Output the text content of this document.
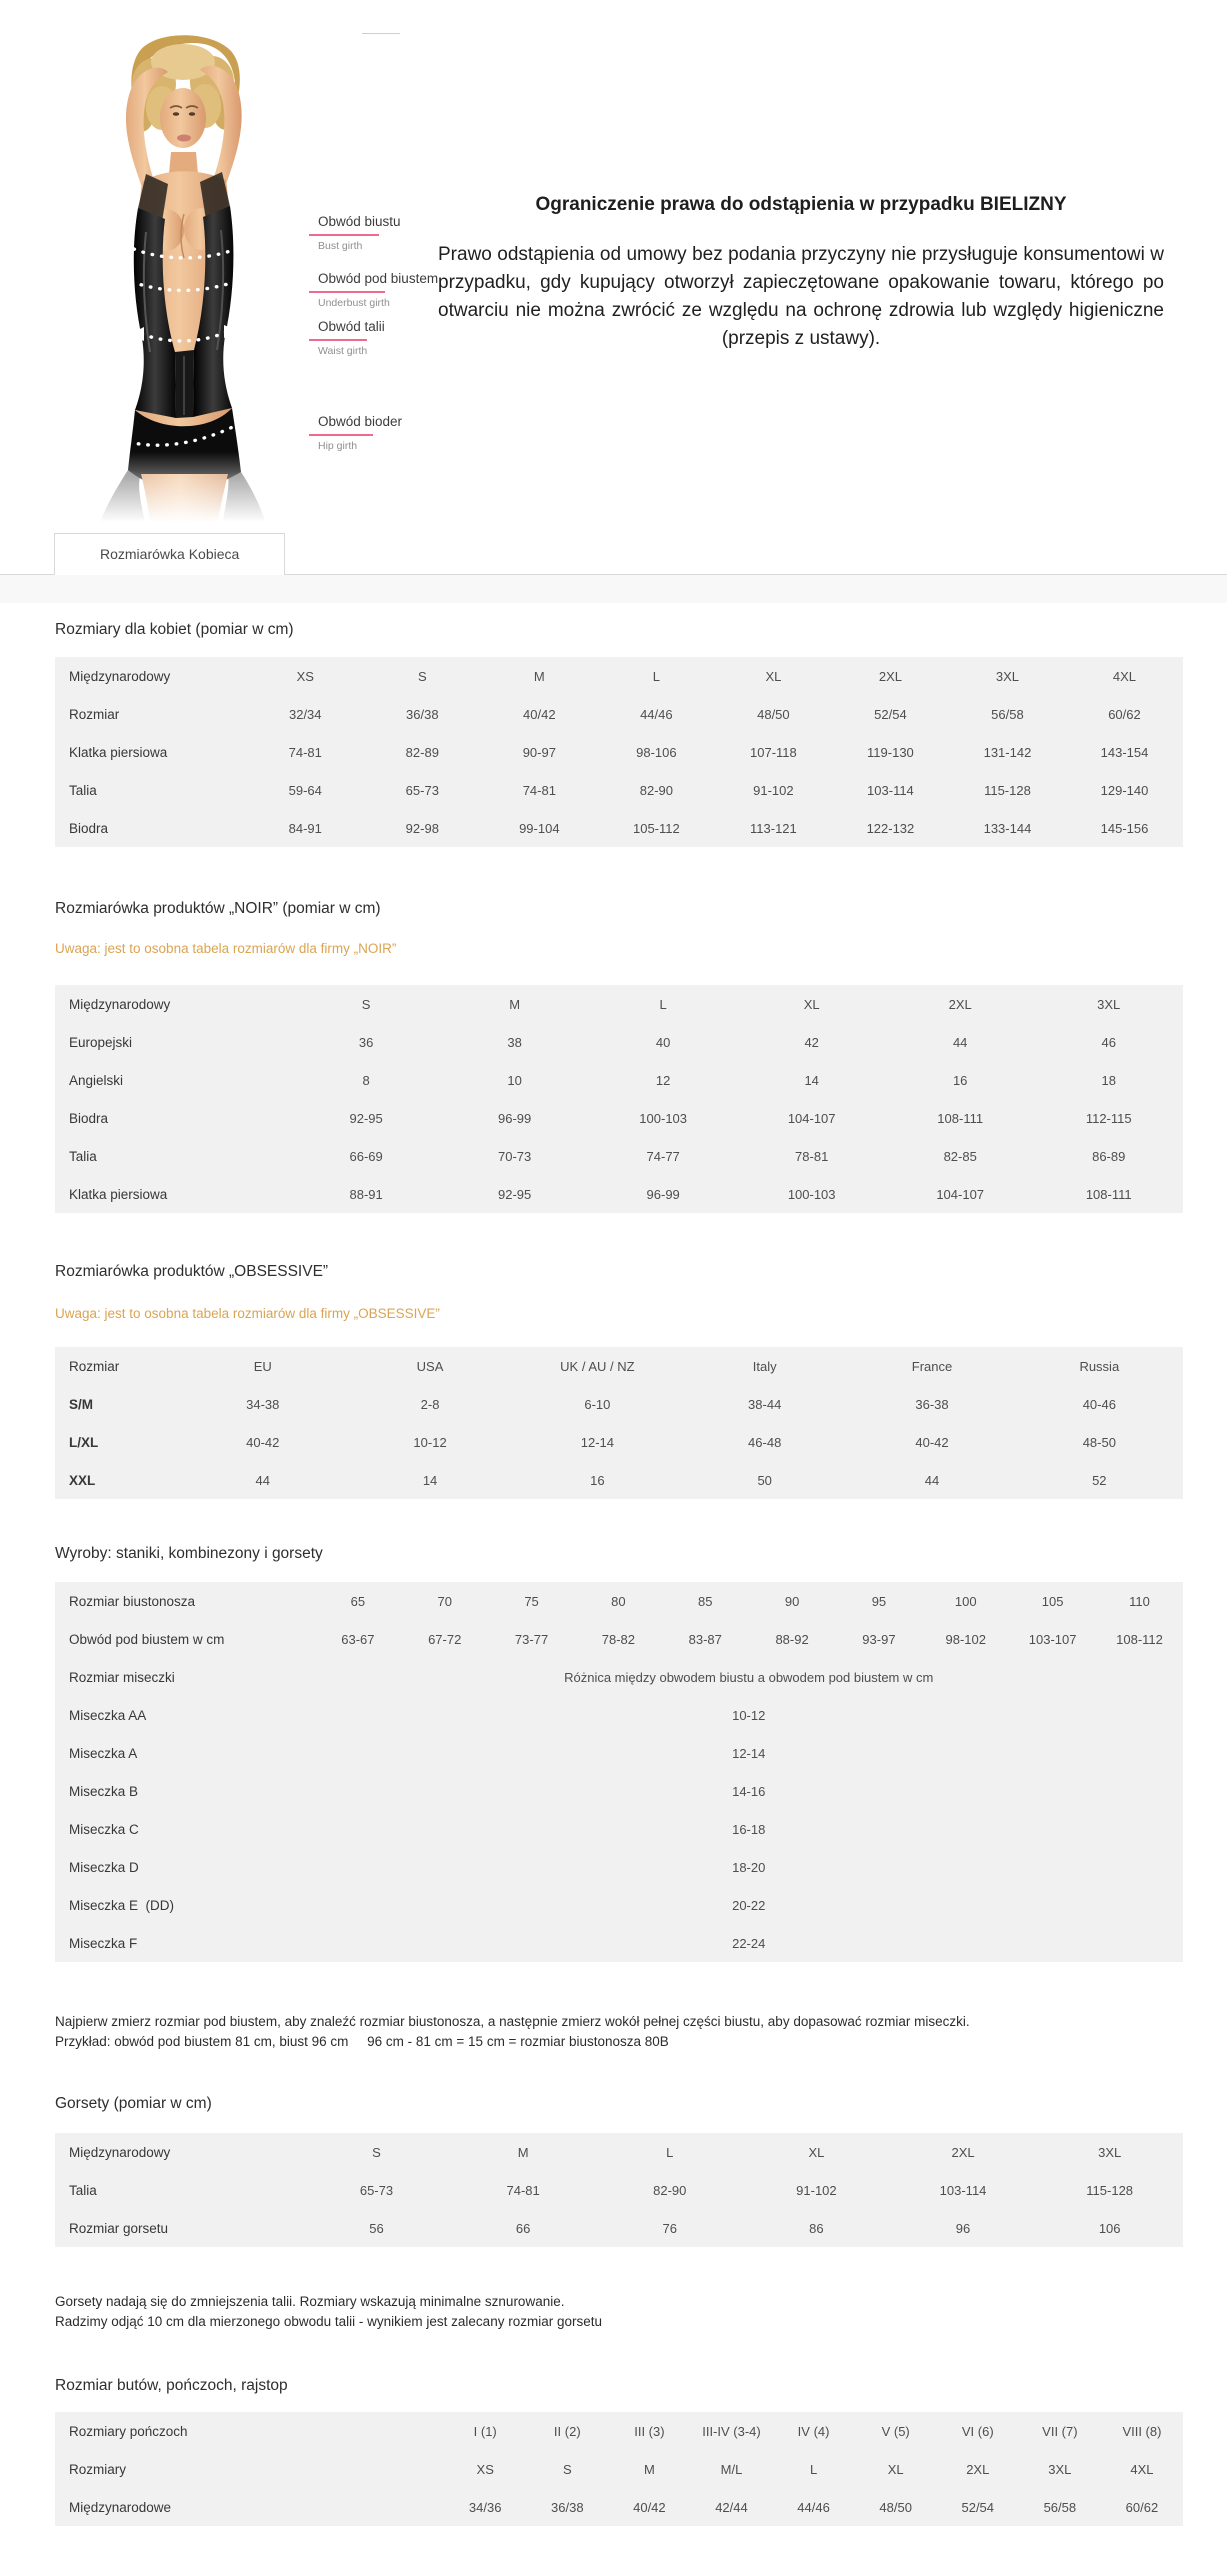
Obwód biustu
Bust girth
Obwód pod biustem
Underbust girth
Obwód talii
Waist girth
Obwód bioder
Hip girth
Ograniczenie prawa do odstąpienia w przypadku BIELIZNY
Prawo odstąpienia od umowy bez podania przyczyny nie przysługuje konsumentowi w przypadku, gdy kupujący otworzył zapieczętowane opakowanie towaru, którego po otwarciu nie można zwrócić ze względu na ochronę zdrowia lub względy higieniczne (przepis z ustawy).
Rozmiarówka Kobieca
Rozmiary dla kobiet (pomiar w cm)
Międzynarodowy	XS	S	M	L	XL	2XL	3XL	4XL
Rozmiar	32/34	36/38	40/42	44/46	48/50	52/54	56/58	60/62
Klatka piersiowa	74-81	82-89	90-97	98-106	107-118	119-130	131-142	143-154
Talia	59-64	65-73	74-81	82-90	91-102	103-114	115-128	129-140
Biodra	84-91	92-98	99-104	105-112	113-121	122-132	133-144	145-156
Rozmiarówka produktów „NOIR” (pomiar w cm)

Uwaga: jest to osobna tabela rozmiarów dla firmy „NOIR”

Międzynarodowy	S	M	L	XL	2XL	3XL
Europejski	36	38	40	42	44	46
Angielski	8	10	12	14	16	18
Biodra	92-95	96-99	100-103	104-107	108-111	112-115
Talia	66-69	70-73	74-77	78-81	82-85	86-89
Klatka piersiowa	88-91	92-95	96-99	100-103	104-107	108-111
Rozmiarówka produktów „OBSESSIVE”

Uwaga: jest to osobna tabela rozmiarów dla firmy „OBSESSIVE”

Rozmiar	EU	USA	UK / AU / NZ	Italy	France	Russia
S/M	34-38	2-8	6-10	38-44	36-38	40-46
L/XL	40-42	10-12	12-14	46-48	40-42	48-50
XXL	44	14	16	50	44	52
Wyroby: staniki, kombinezony i gorsety
Rozmiar biustonosza	65	70	75	80	85	90	95	100	105	110
Obwód pod biustem w cm	63-67	67-72	73-77	78-82	83-87	88-92	93-97	98-102	103-107	108-112
Rozmiar miseczki	Różnica między obwodem biustu a obwodem pod biustem w cm									
Miseczka AA	10-12									
Miseczka A	12-14									
Miseczka B	14-16									
Miseczka C	16-18									
Miseczka D	18-20									
Miseczka E  (DD)	20-22									
Miseczka F	22-24									

Najpierw zmierz rozmiar pod biustem, aby znaleźć rozmiar biustonosza, a następnie zmierz wokół pełnej części biustu, aby dopasować rozmiar miseczki.

Przykład: obwód pod biustem 81 cm, biust 96 cm     96 cm - 81 cm = 15 cm = rozmiar biustonosza 80B

Gorsety (pomiar w cm)
Międzynarodowy	S	M	L	XL	2XL	3XL
Talia	65-73	74-81	82-90	91-102	103-114	115-128
Rozmiar gorsetu	56	66	76	86	96	106

Gorsety nadają się do zmniejszenia talii. Rozmiary wskazują minimalne sznurowanie.

Radzimy odjąć 10 cm dla mierzonego obwodu talii - wynikiem jest zalecany rozmiar gorsetu

Rozmiar butów, pończoch, rajstop
Rozmiary pończoch	I (1)	II (2)	III (3)	III-IV (3-4)	IV (4)	V (5)	VI (6)	VII (7)	VIII (8)
Rozmiary	XS	S	M	M/L	L	XL	2XL	3XL	4XL
Międzynarodowe	34/36	36/38	40/42	42/44	44/46	48/50	52/54	56/58	60/62
